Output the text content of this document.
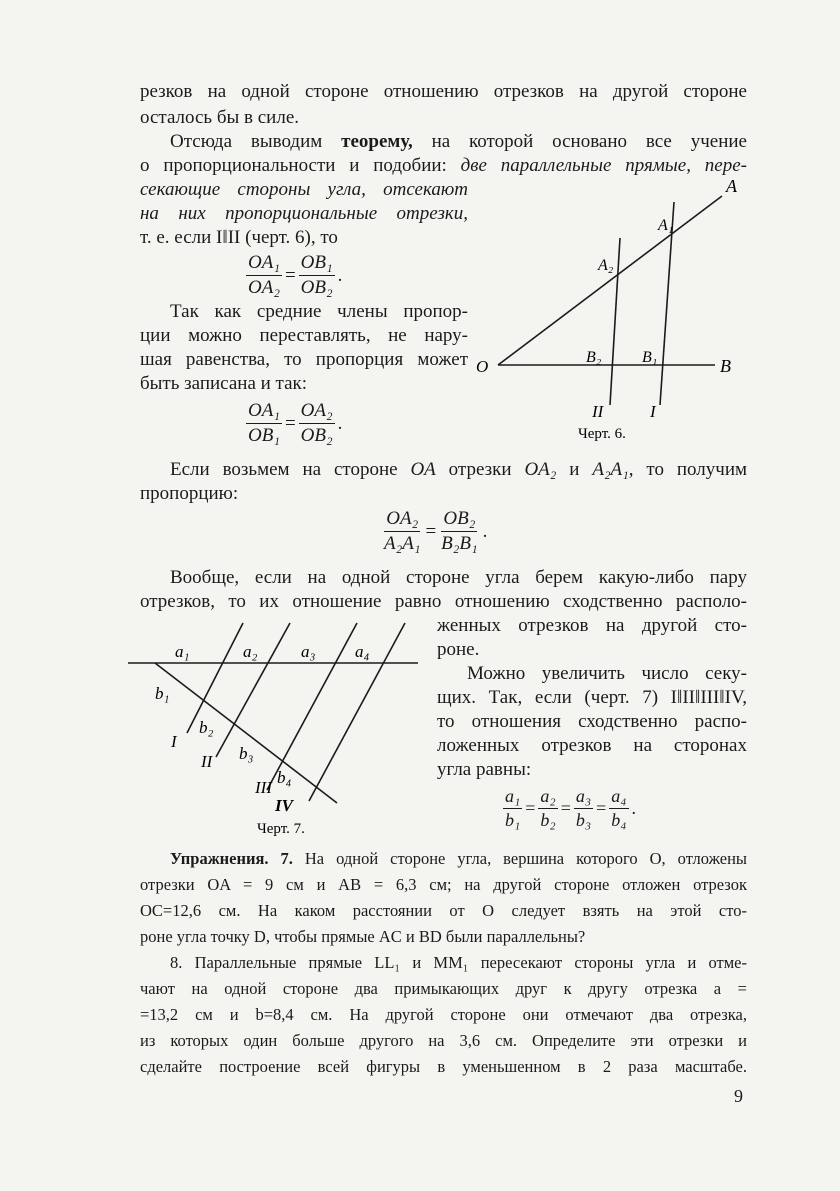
резков на одной стороне отношению отрезков на другой стороне

осталось бы в силе.

Отсюда выводим теорему, на которой основано все учение

о пропорциональности и подобии: две параллельные прямые, пере-

секающие стороны угла, отсекают

на них пропорциональные отрезки,

т. е. если I‖II (черт. 6), то

$\frac{\text{OA₁}}{\text{OA₂}} = \frac{\text{OB₁}}{\text{OB₂}}$ .

Так как средние члены пропор-

ции можно переставлять, не нару-

шая равенства, то пропорция может

быть записана и так:

$\frac{\text{OA₁}}{\text{OB₁}} = \frac{\text{OA₂}}{\text{OB₂}}$ .
A
A₁
A₂
O	B₂	B₁	B
II	I
Черт. 6.

Если возьмем на стороне OA отрезки OA₂ и A₂A₁, то получим

пропорцию:

$\frac{\text{OA₂}}{\text{A₂A₁}} = \frac{\text{OB₂}}{\text{B₂B₁}}$ .

Вообще, если на одной стороне угла берем какую-либо пару

отрезков, то их отношение равно отношению сходственно располо-

женных отрезков на другой сто-

роне.

Можно увеличить число секу-

щих. Так, если (черт. 7) I‖II‖III‖IV,

то отношения сходственно распо-

ложенных отрезков на сторонах

угла равны:

$\frac{\text{a₁}}{\text{b₁}} = \frac{\text{a₂}}{\text{b₂}} = \frac{\text{a₃}}{\text{b₃}} = \frac{\text{a₄}}{\text{b₄}}$ .
a₁	a₂	a₃ a₄
b₁
b₂
b₃
b₄
I
II
III
IV
Черт. 7.

Упражнения. 7. На одной стороне угла, вершина которого O, отложены

отрезки OA = 9 см и AB = 6,3 см; на другой стороне отложен отрезок

OC=12,6 см. На каком расстоянии от O следует взять на этой сто-

роне угла точку D, чтобы прямые AC и BD были параллельны?

8. Параллельные прямые LL₁ и MM₁ пересекают стороны угла и отме-

чают на одной стороне два примыкающих друг к другу отрезка a =

=13,2 см и b=8,4 см. На другой стороне они отмечают два отрезка,

из которых один больше другого на 3,6 см. Определите эти отрезки и

сделайте построение всей фигуры в уменьшенном в 2 раза масштабе.

9
